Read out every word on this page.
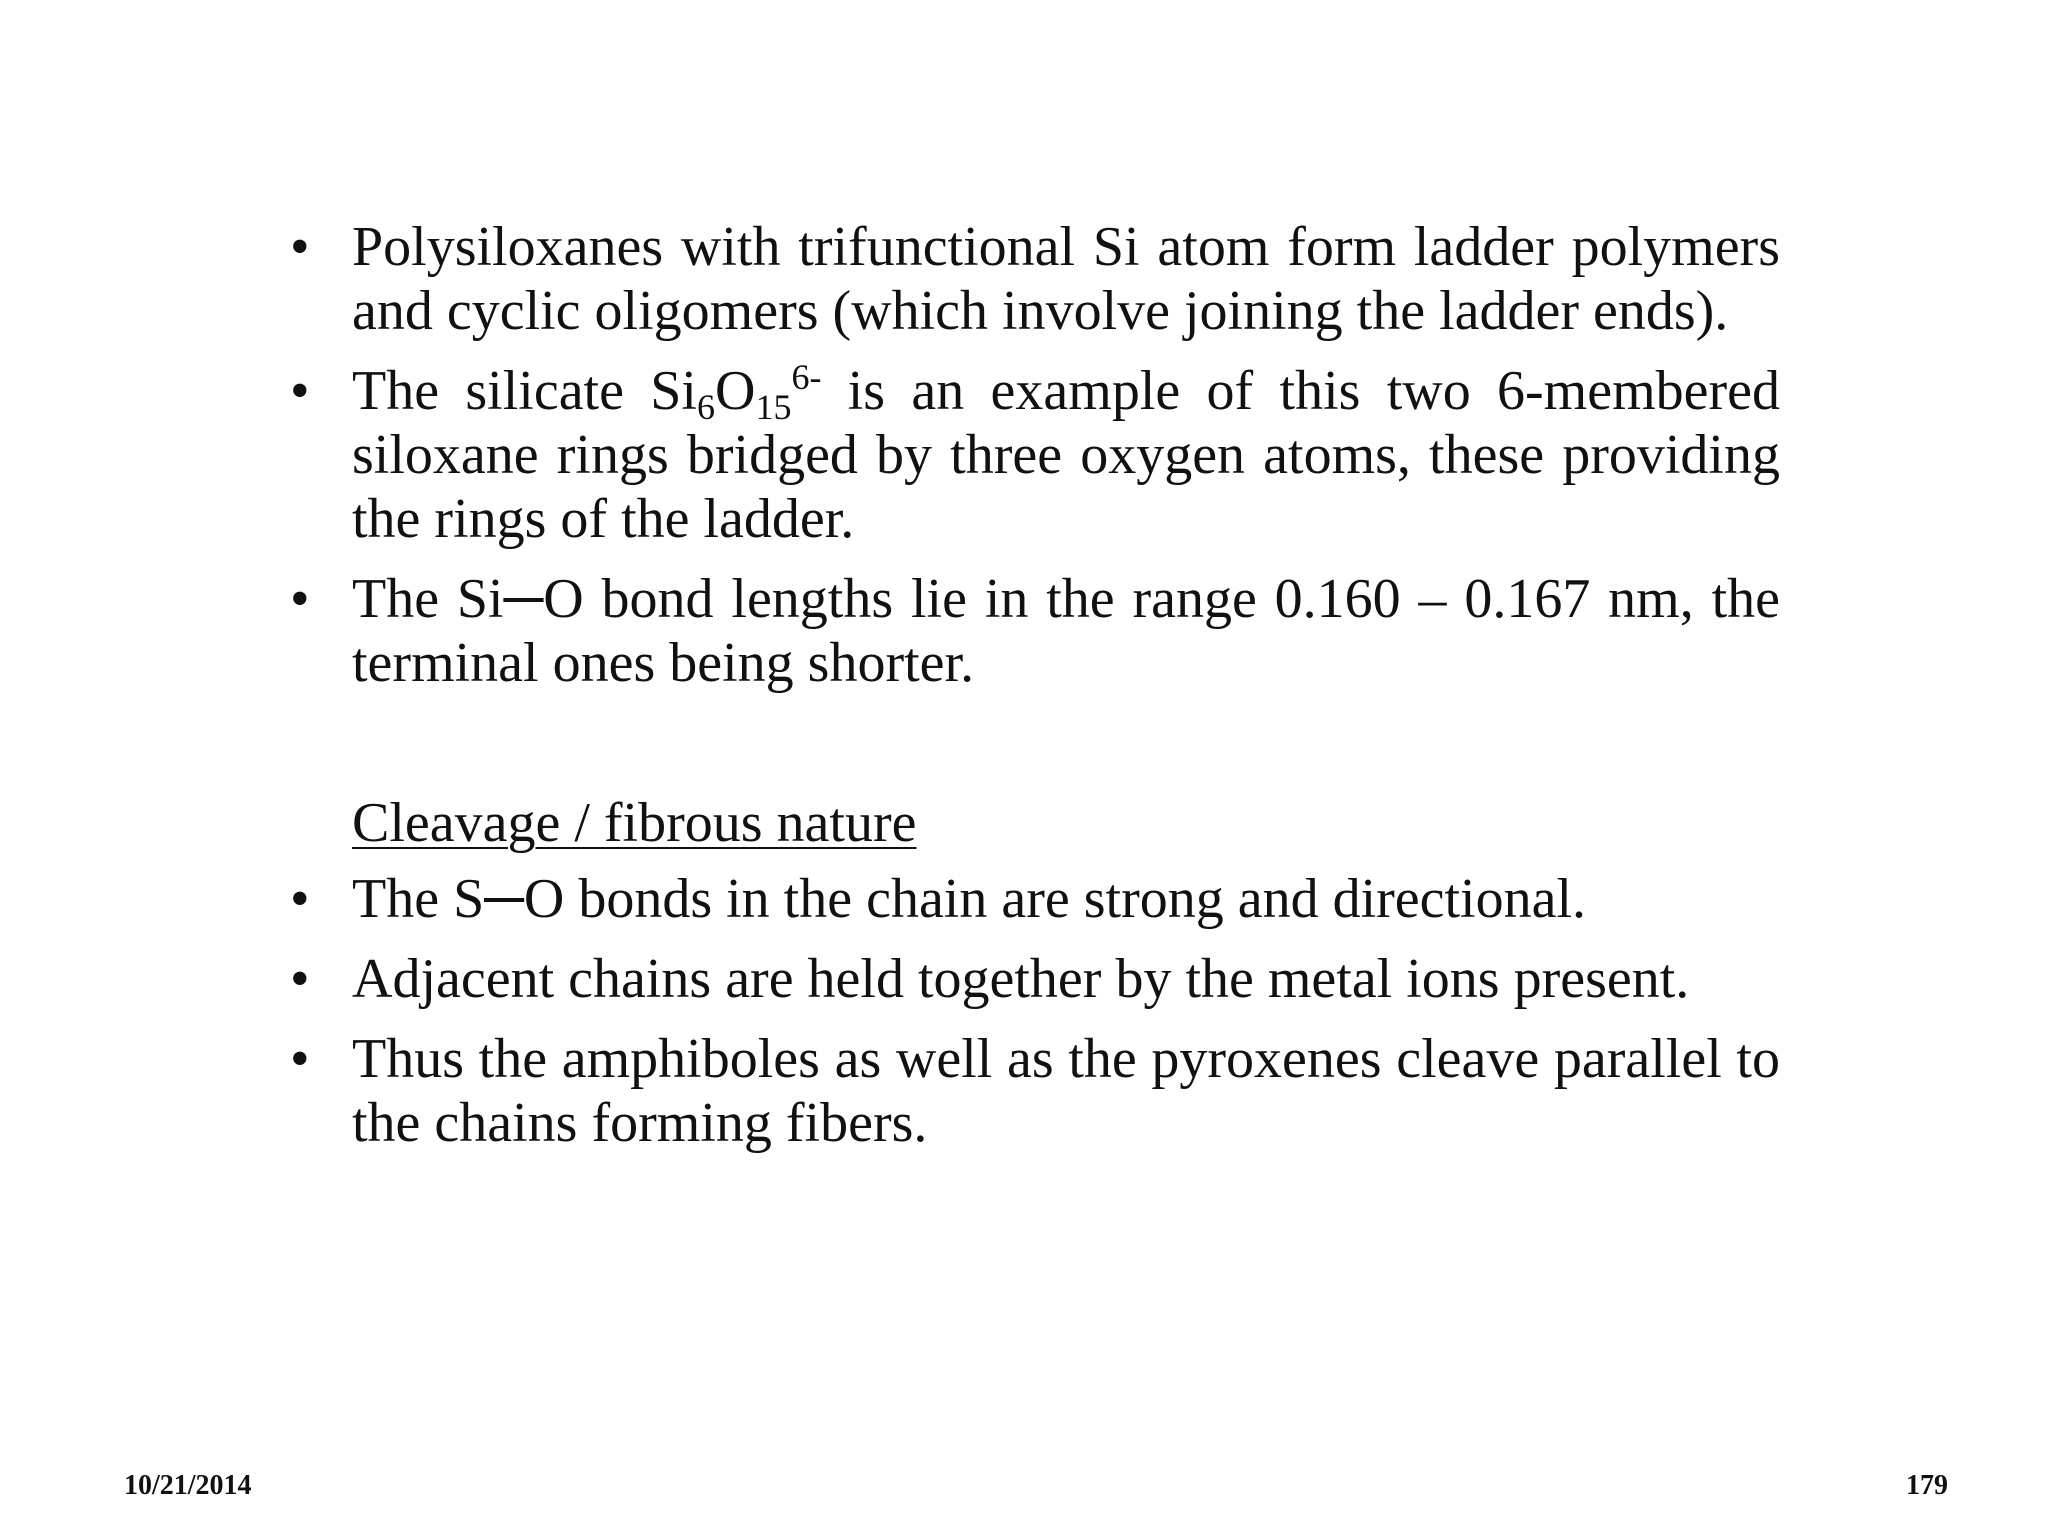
• Polysiloxanes with trifunctional Si atom form ladder polymers and cyclic oligomers (which involve joining the ladder ends).
• The silicate $Si_6O_{15}^{6-}$ is an example of this two 6-membered siloxane rings bridged by three oxygen atoms, these providing the rings of the ladder.
• The Si─O bond lengths lie in the range 0.160 – 0.167 nm, the terminal ones being shorter.
Cleavage / fibrous nature
• The S─O bonds in the chain are strong and directional.
• Adjacent chains are held together by the metal ions present.
• Thus the amphiboles as well as the pyroxenes cleave parallel to the chains forming fibers.
10/21/2014	179
